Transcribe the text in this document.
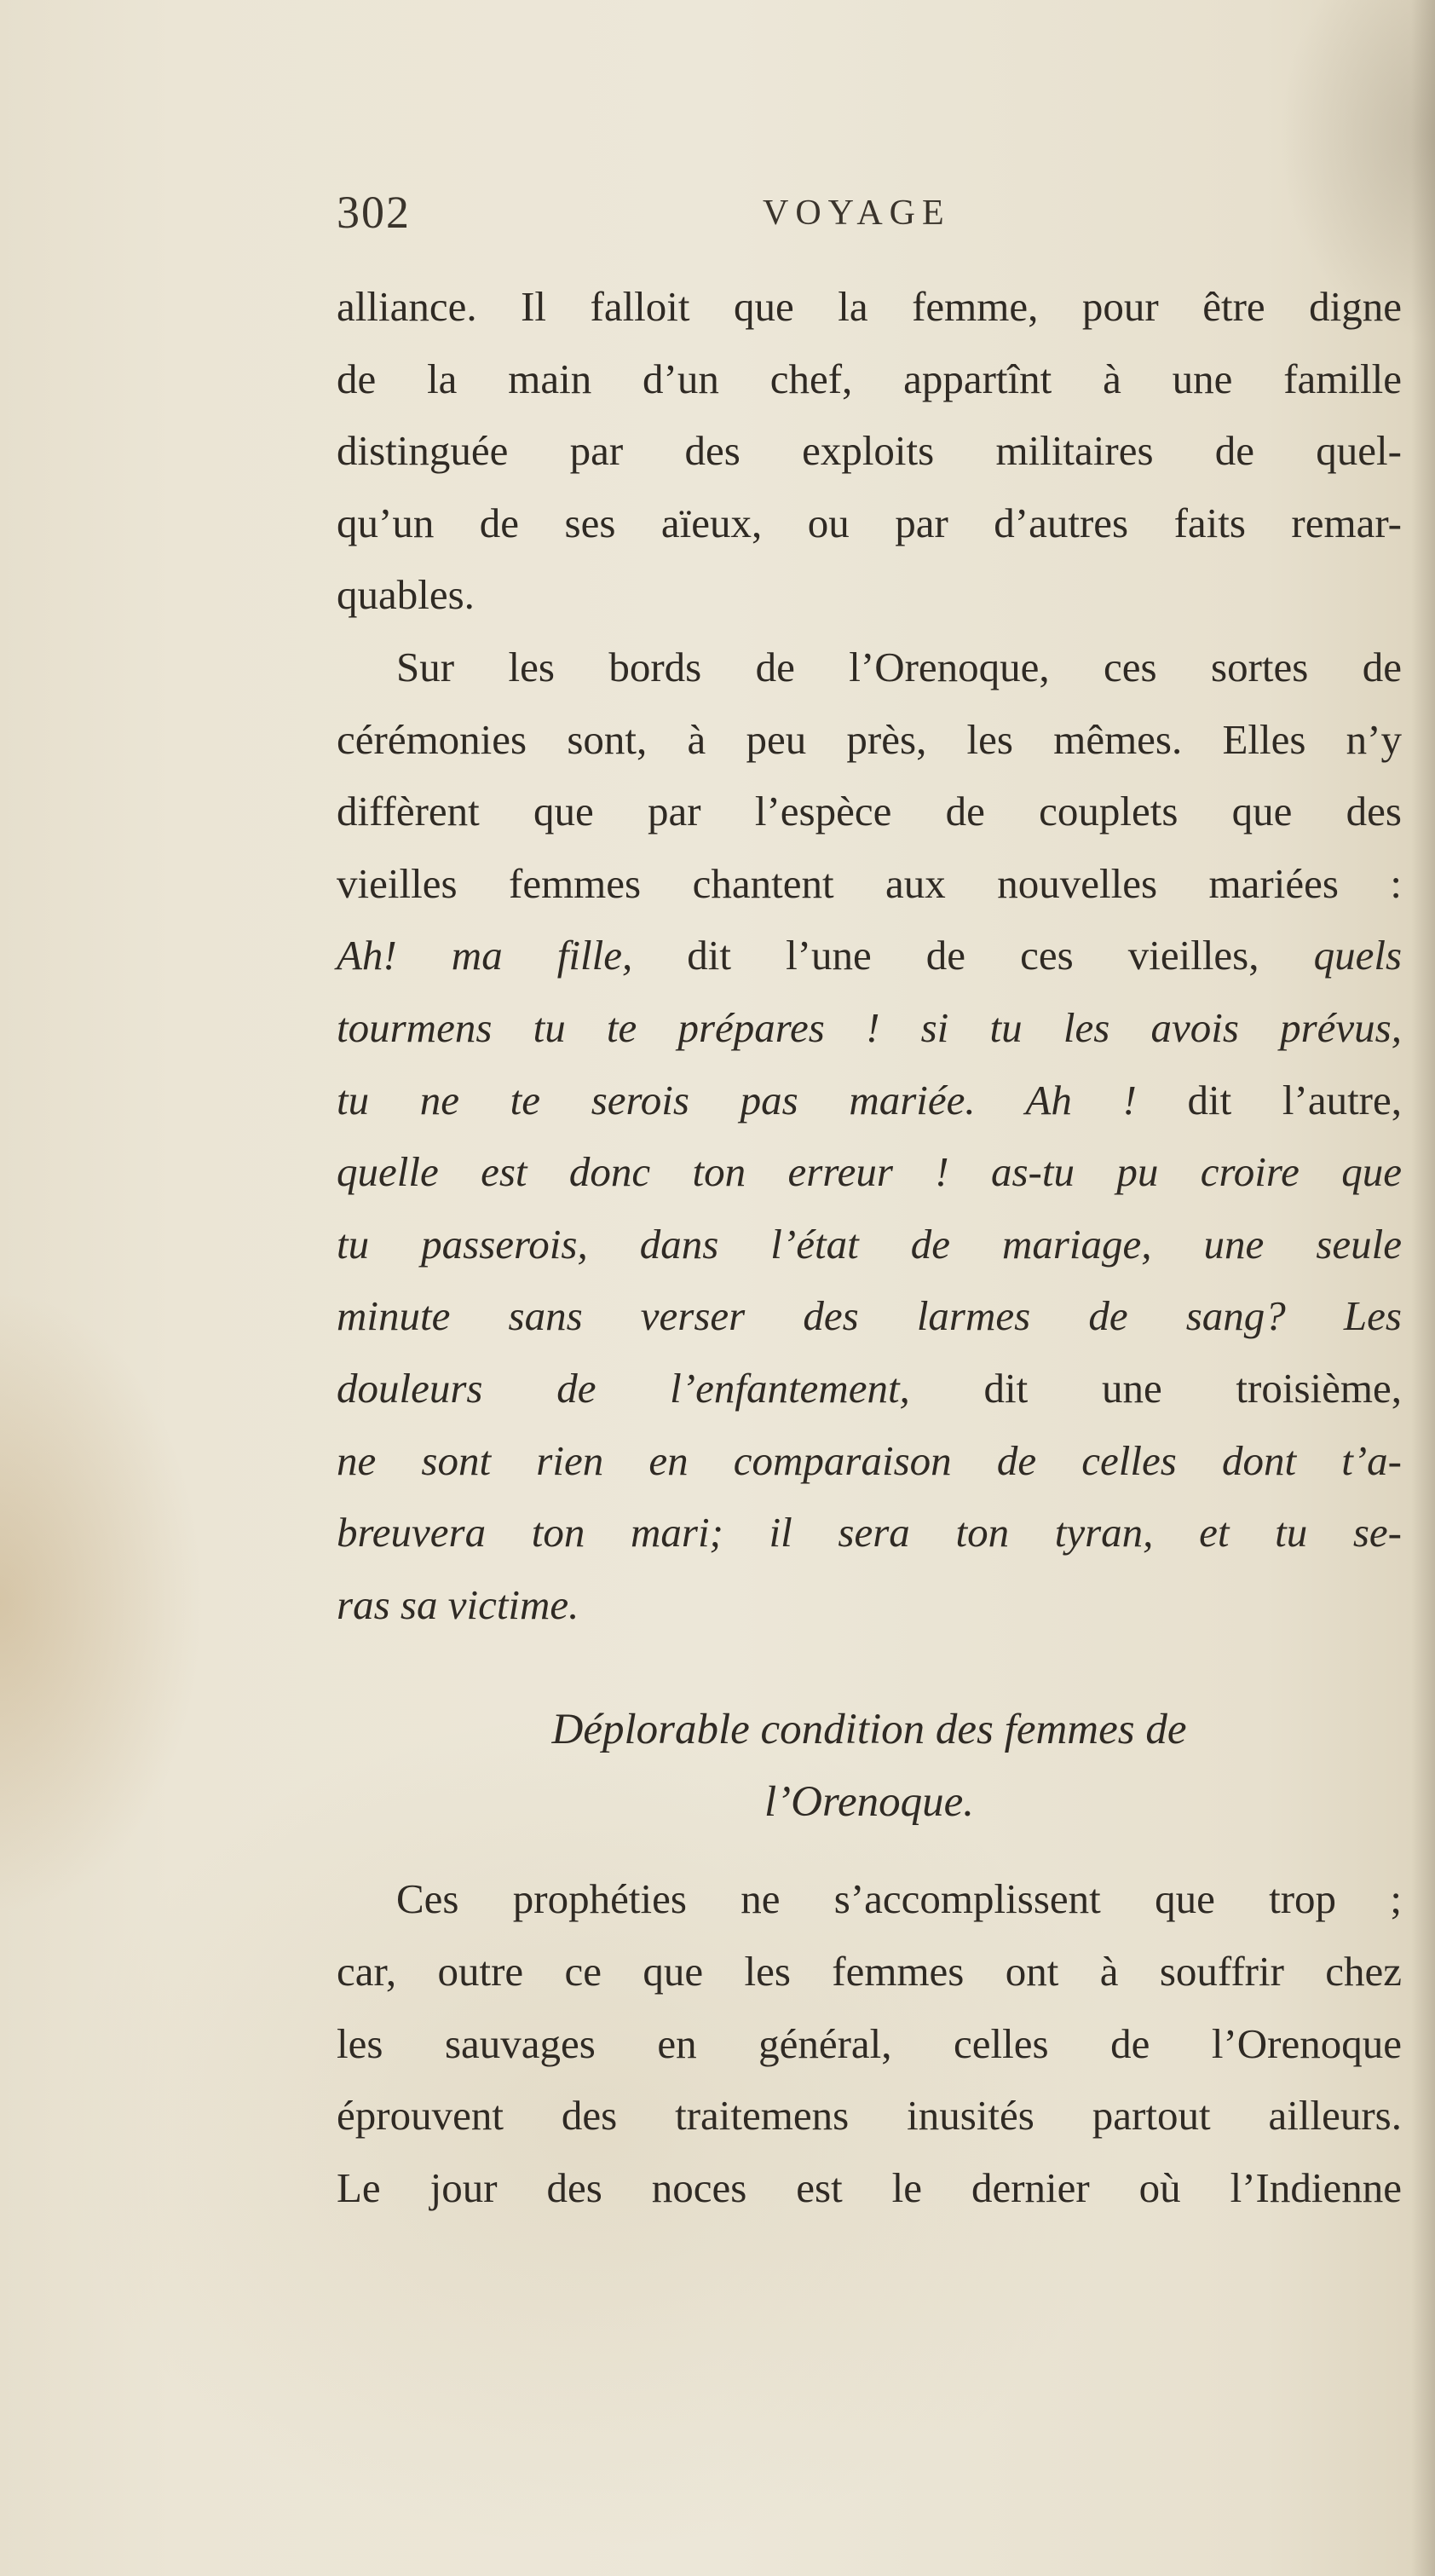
302	VOYAGE
alliance. Il falloit que la femme, pour être digne
de la main d’un chef, appartînt à une famille
distinguée par des exploits militaires de quel-
qu’un de ses aïeux, ou par d’autres faits remar-
quables.
Sur les bords de l’Orenoque, ces sortes de
cérémonies sont, à peu près, les mêmes. Elles n’y
diffèrent que par l’espèce de couplets que des
vieilles femmes chantent aux nouvelles mariées :
Ah! ma fille, dit l’une de ces vieilles, quels
tourmens tu te prépares ! si tu les avois prévus,
tu ne te serois pas mariée. Ah ! dit l’autre,
quelle est donc ton erreur ! as-tu pu croire que
tu passerois, dans l’état de mariage, une seule
minute sans verser des larmes de sang? Les
douleurs de l’enfantement, dit une troisième,
ne sont rien en comparaison de celles dont t’a-
breuvera ton mari; il sera ton tyran, et tu se-
ras sa victime.
Déplorable condition des femmes de
l’Orenoque.
Ces prophéties ne s’accomplissent que trop ;
car, outre ce que les femmes ont à souffrir chez
les sauvages en général, celles de l’Orenoque
éprouvent des traitemens inusités partout ailleurs.
Le jour des noces est le dernier où l’Indienne
